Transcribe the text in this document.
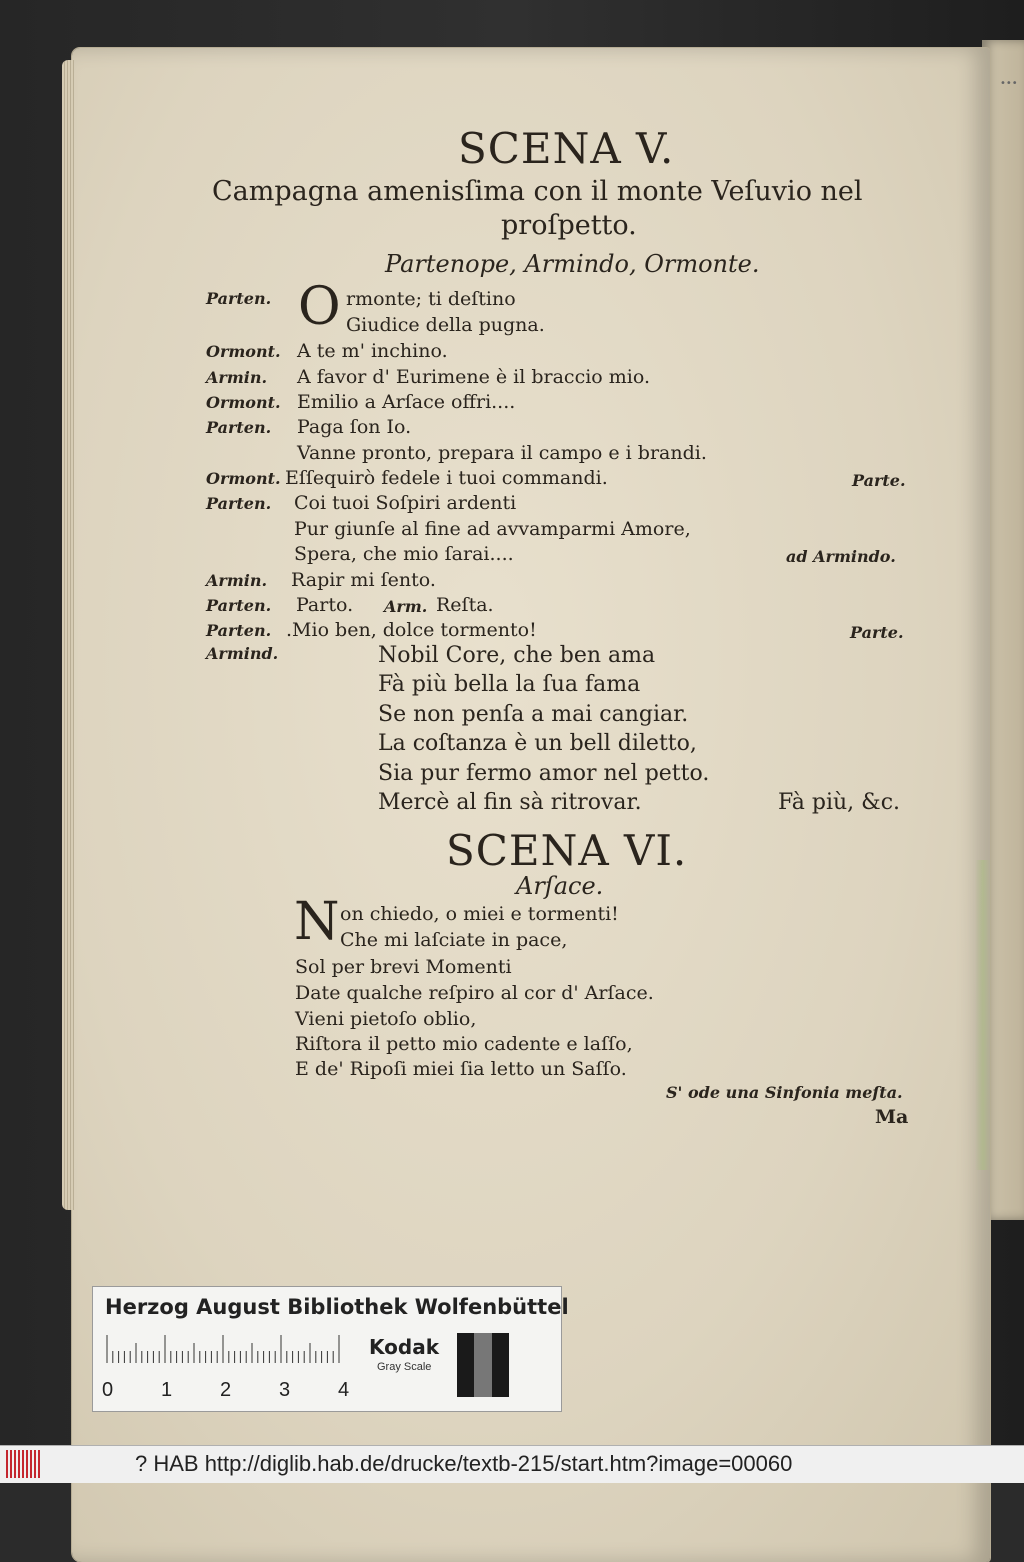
•••
SCENA V.
Campagna amenisſima con il monte Veſuvio nel
proſpetto.
Partenope, Armindo, Ormonte.
Parten. O rmonte; ti deſtino
Giudice della pugna.
Ormont. A te m' inchino.
Armin. A favor d' Eurimene è il braccio mio.
Ormont. Emilio a Arſace offri....
Parten. Paga ſon Io.
Vanne pronto, prepara il campo e i brandi.
Ormont. Eſſequirò fedele i tuoi commandi.	Parte.
Parten. Coi tuoi Soſpiri ardenti
Pur giunſe al fine ad avvamparmi Amore,
Spera, che mio ſarai....	ad Armindo.
Armin. Rapir mi ſento.
Parten. Parto. Arm. Reſta.
Parten. .Mio ben, dolce tormento!	Parte.
Armind.	Nobil Core, che ben ama
Fà più bella la ſua fama
Se non penſa a mai cangiar.
La coſtanza è un bell diletto,
Sia pur fermo amor nel petto.
Mercè al fin sà ritrovar.	Fà più, &c.
SCENA VI.
Arſace.
N on chiedo, o miei e tormenti!
Che mi laſciate in pace,
Sol per brevi Momenti
Date qualche reſpiro al cor d' Arſace.
Vieni pietoſo oblio,
Riſtora il petto mio cadente e laſſo,
E de' Ripoſi miei ſia letto un Saſſo.
S' ode una Sinfonia meſta.
Ma
Herzog August Bibliothek Wolfenbüttel
0 1 2 3 4
Kodak
Gray Scale
? HAB http://diglib.hab.de/drucke/textb-215/start.htm?image=00060
